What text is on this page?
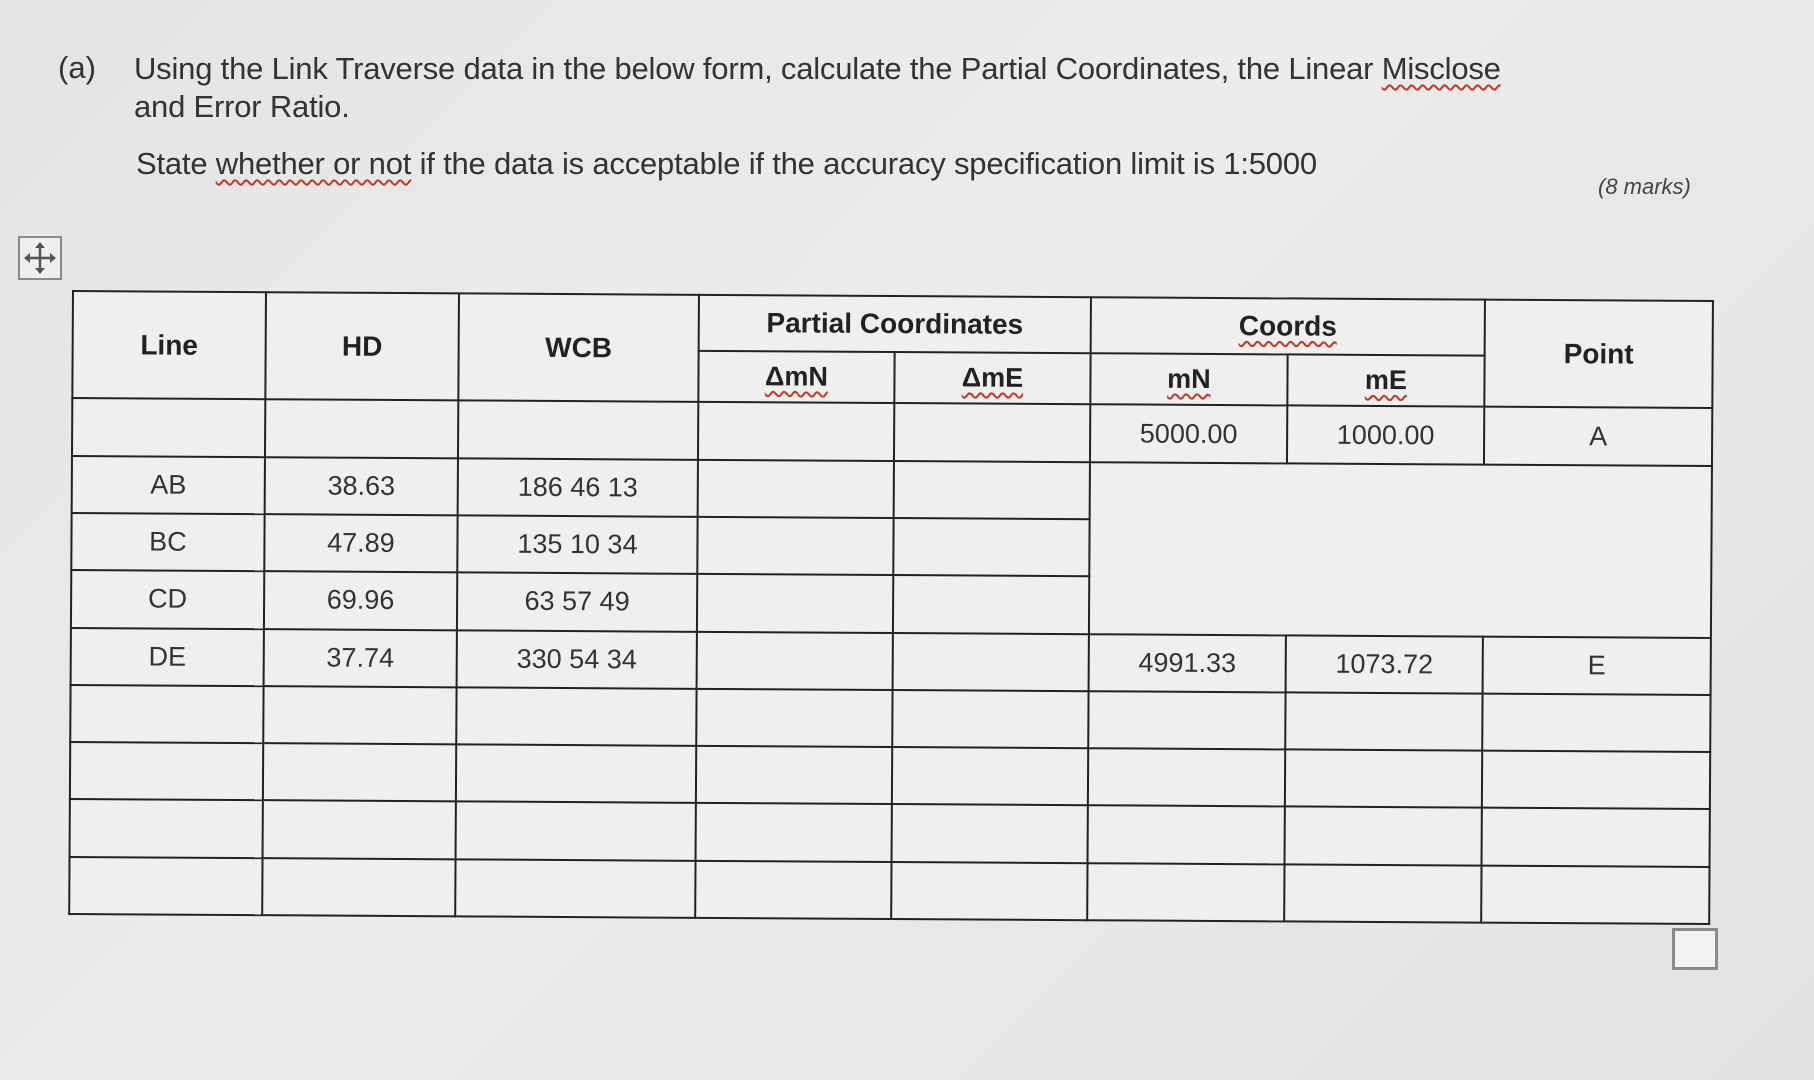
(a) Using the Link Traverse data in the below form, calculate the Partial Coordinates, the Linear Misclose
and Error Ratio.
State whether or not if the data is acceptable if the accuracy specification limit is 1:5000
(8 marks)
Line	HD	WCB	Partial Coordinates		Coords		Point
			ΔmN	ΔmE	mN	mE	
					5000.00	1000.00	A
AB	38.63	186 46 13					
BC	47.89	135 10 34					
CD	69.96	63 57 49					
DE	37.74	330 54 34			4991.33	1073.72	E
